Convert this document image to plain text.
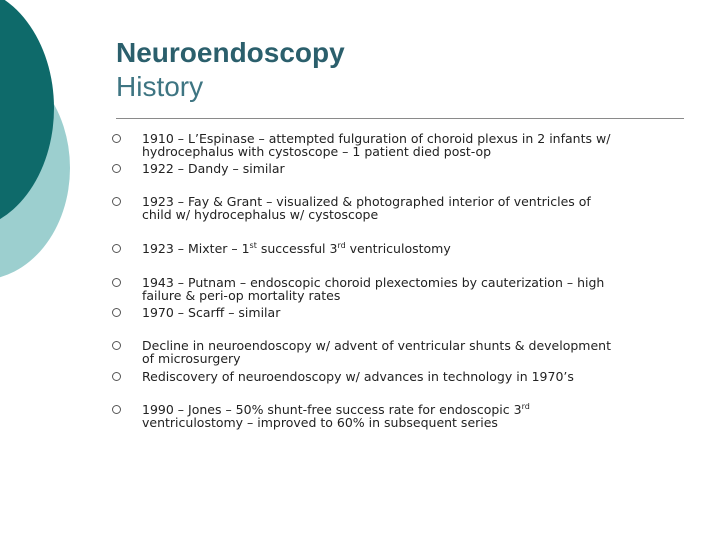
Neuroendoscopy
History
1910 – L’Espinase – attempted fulguration of choroid plexus in 2 infants w/
hydrocephalus with cystoscope – 1 patient died post-op
1922 – Dandy – similar
1923 – Fay & Grant – visualized & photographed interior of ventricles of
child w/ hydrocephalus w/ cystoscope
1923 – Mixter – 1st successful 3rd ventriculostomy
1943 – Putnam – endoscopic choroid plexectomies by cauterization – high
failure & peri-op mortality rates
1970 – Scarff – similar
Decline in neuroendoscopy w/ advent of ventricular shunts & development
of microsurgery
Rediscovery of neuroendoscopy w/ advances in technology in 1970’s
1990 – Jones – 50% shunt-free success rate for endoscopic 3rd
ventriculostomy – improved to 60% in subsequent series
